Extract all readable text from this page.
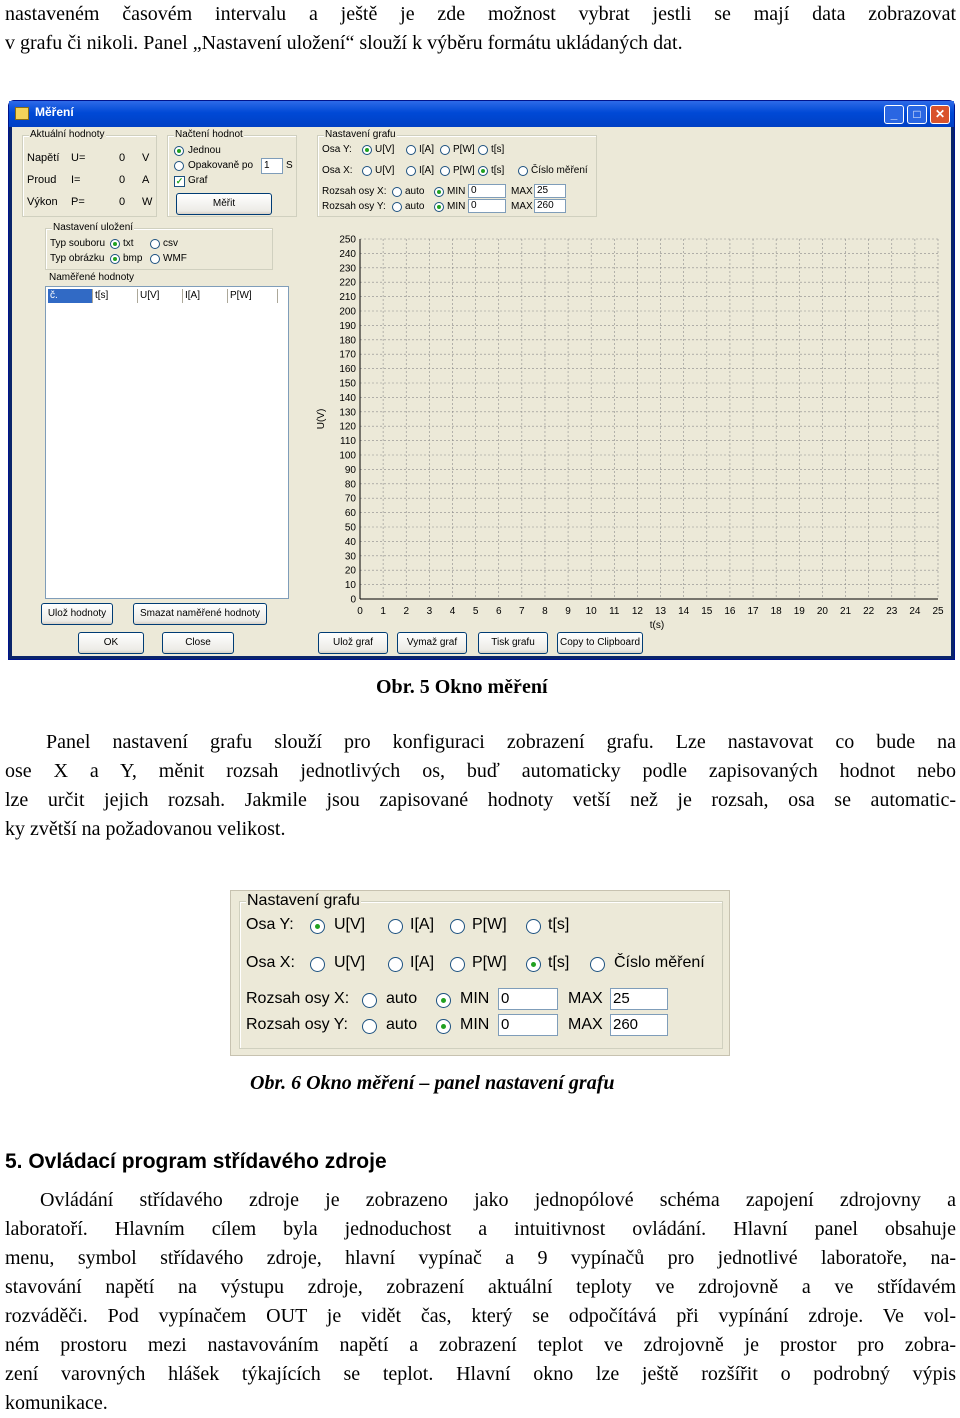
nastaveném časovém intervalu a ještě je zde možnost vybrat jestli se mají data zobrazovat
v grafu či nikoli. Panel „Nastavení uložení“ slouží k výběru formátu ukládaných dat.
Měření	_	□	✕
Aktuální hodnoty
Napětí U=	0 V
Proud I=	0 A
Výkon P=	0 W
Načtení hodnot
Jednou
Opakovaně po	1	S
✓ Graf
Měřit
Nastavení grafu
Osa Y: U[V] I[A] P[W] t[s]
Osa X: U[V] I[A] P[W] t[s]	Číslo měření
Rozsah osy X: auto MIN 0	MAX 25
Rozsah osy Y: auto MIN 0	MAX 260
Nastavení uložení
Typ souboru txt	csv
Typ obrázku bmp WMF
Naměřené hodnoty
č.	t[s]	U[V]	I[A]	P[W]
Ulož hodnoty	Smazat naměřené hodnoty
OK	Close	Ulož graf	Vymaž graf	Tisk grafu	Copy to Clipboard
0 1 2 3 4 5 6 7 8 9 10 11 12 13 14 15 16 17 18 19 20 21 22 23 24 25
0
10
20
30
40
50
60
70
80
90
100
110
120
130
140
150
160
170
180
190
200
210
220
230
240
250
t(s)
U(V)
Obr. 5 Okno měření
Panel nastavení grafu slouží pro konfiguraci zobrazení grafu. Lze nastavovat co bude na
ose X a Y, měnit rozsah jednotlivých os, buď automaticky podle zapisovaných hodnot nebo
lze určit jejich rozsah. Jakmile jsou zapisované hodnoty vetší než je rozsah, osa se automatic-
ky zvětší na požadovanou velikost.
Nastavení grafu
Osa Y:	U[V]	I[A] P[W]	t[s]
Osa X: U[V]	I[A] P[W]	t[s]	Číslo měření
Rozsah osy X: auto	MIN 0	MAX 25
Rozsah osy Y: auto	MIN 0	MAX 260
Obr. 6 Okno měření – panel nastavení grafu
5. Ovládací program střídavého zdroje
Ovládání střídavého zdroje je zobrazeno jako jednopólové schéma zapojení zdrojovny a
laboratoří. Hlavním cílem byla jednoduchost a intuitivnost ovládání. Hlavní panel obsahuje
menu, symbol střídavého zdroje, hlavní vypínač a 9 vypínačů pro jednotlivé laboratoře, na-
stavování napětí na výstupu zdroje, zobrazení aktuální teploty ve zdrojovně a ve střídavém
rozváděči. Pod vypínačem OUT je vidět čas, který se odpočítává při vypínání zdroje. Ve vol-
ném prostoru mezi nastavováním napětí a zobrazení teplot ve zdrojovně je prostor pro zobra-
zení varovných hlášek týkajících se teplot. Hlavní okno lze ještě rozšířit o podrobný výpis
komunikace.
